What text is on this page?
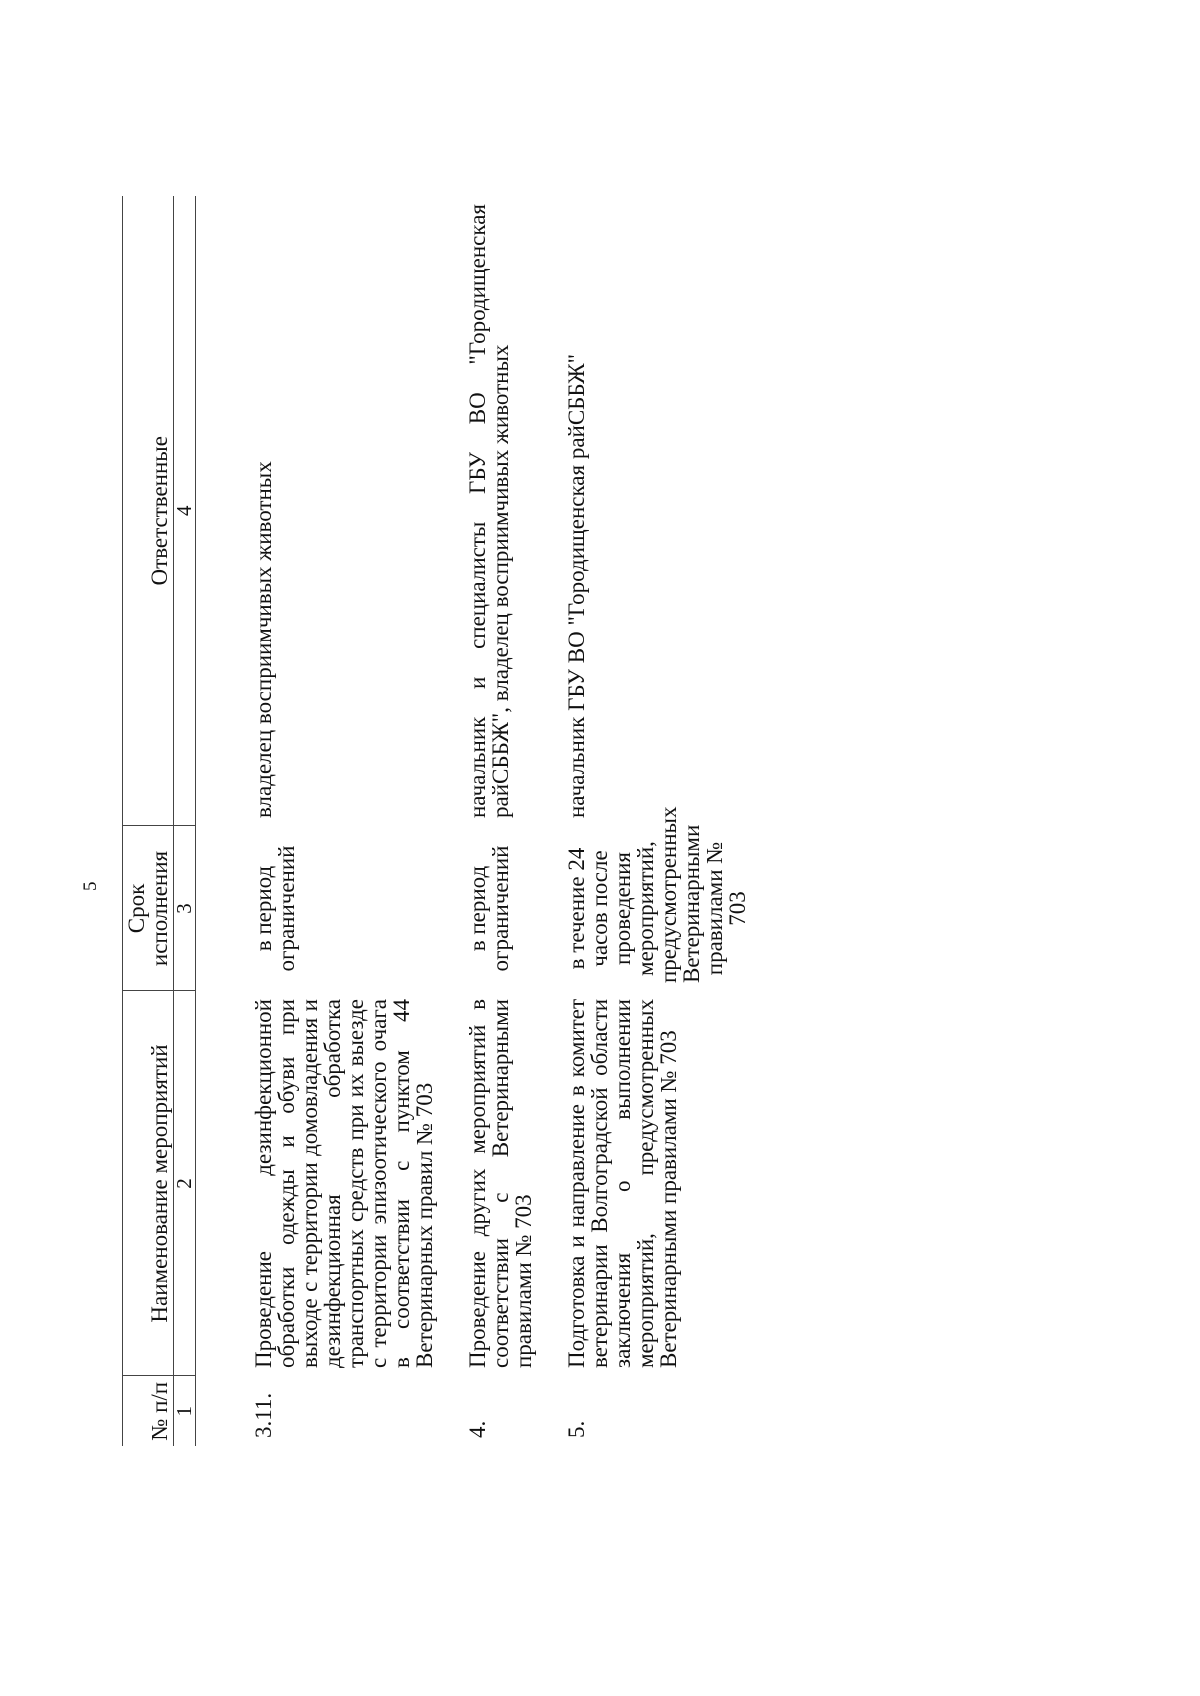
5
№ п/п	Наименование мероприятий	Срок исполнения	Ответственные
1	2	3	4

3.11.	Проведение дезинфекционной обработки одежды и обуви при выходе с территории домовладения и дезинфекционная обработка транспортных средств при их выезде с территории эпизоотического очага в соответствии с пунктом 44 Ветеринарных правил № 703	в период ограничений	владелец восприимчивых животных
4.	Проведение других мероприятий в соответствии с Ветеринарными правилами № 703	в период ограничений	начальник и специалисты ГБУ ВО "Городищенская райСББЖ", владелец восприимчивых животных
5.	Подготовка и направление в комитет ветеринарии Волгоградской области заключения о выполнении мероприятий, предусмотренных Ветеринарными правилами № 703	в течение 24 часов после проведения мероприятий, предусмотренных Ветеринарными правилами № 703	начальник ГБУ ВО "Городищенская райСББЖ"
